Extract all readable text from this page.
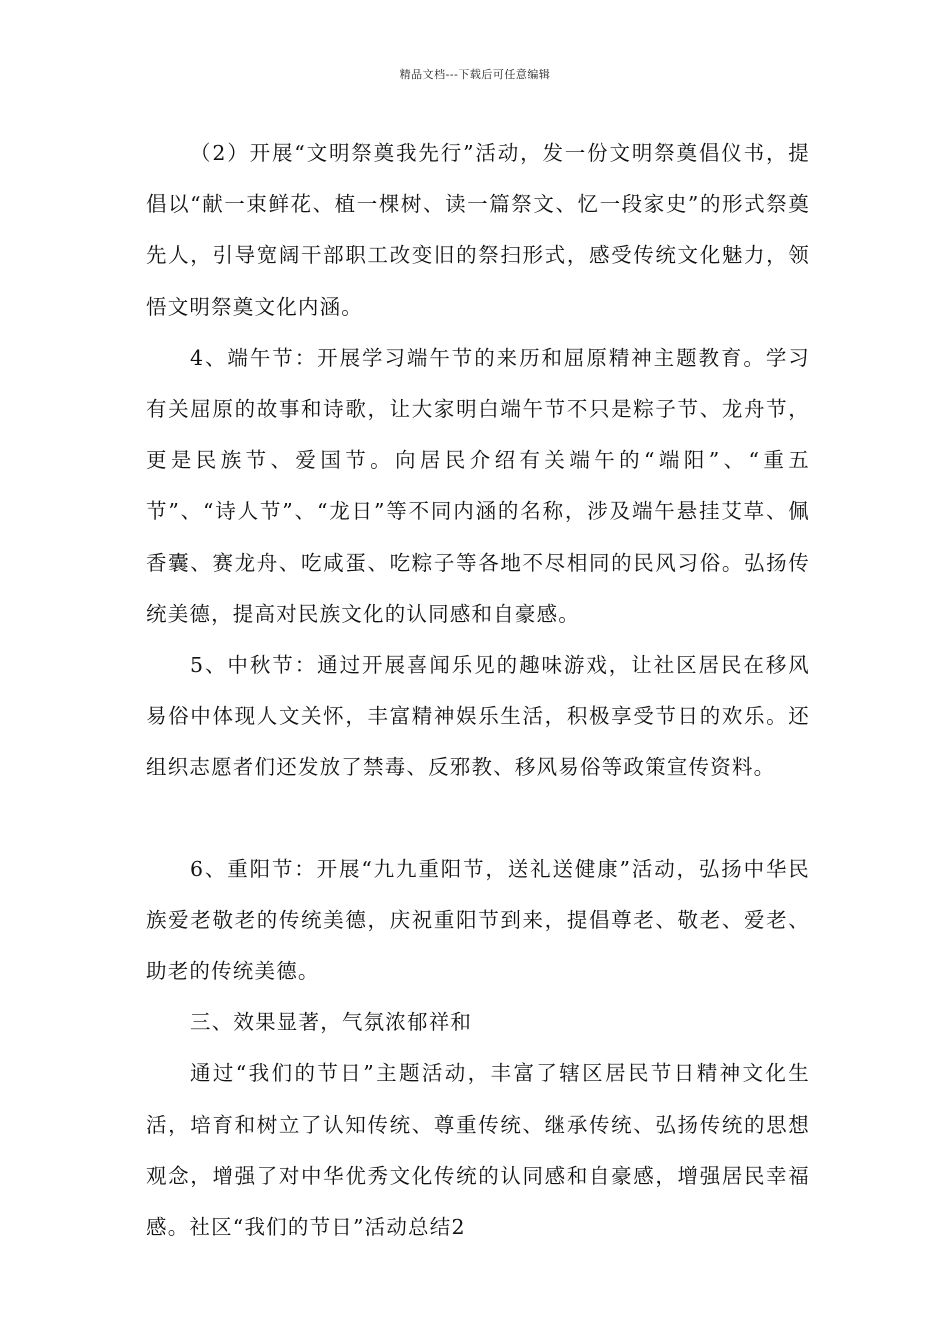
精品文档---下载后可任意编辑

（2）开展“文明祭奠我先行”活动，发一份文明祭奠倡仪书，提倡以“献一束鲜花、植一棵树、读一篇祭文、忆一段家史”的形式祭奠先人，引导宽阔干部职工改变旧的祭扫形式，感受传统文化魅力，领悟文明祭奠文化内涵。

4、端午节：开展学习端午节的来历和屈原精神主题教育。学习有关屈原的故事和诗歌，让大家明白端午节不只是粽子节、龙舟节，更是民族节、爱国节。向居民介绍有关端午的“端阳”、“重五节”、“诗人节”、“龙日”等不同内涵的名称，涉及端午悬挂艾草、佩香囊、赛龙舟、吃咸蛋、吃粽子等各地不尽相同的民风习俗。弘扬传统美德，提高对民族文化的认同感和自豪感。

5、中秋节：通过开展喜闻乐见的趣味游戏，让社区居民在移风易俗中体现人文关怀，丰富精神娱乐生活，积极享受节日的欢乐。还组织志愿者们还发放了禁毒、反邪教、移风易俗等政策宣传资料。

6、重阳节：开展“九九重阳节，送礼送健康”活动，弘扬中华民族爱老敬老的传统美德，庆祝重阳节到来，提倡尊老、敬老、爱老、助老的传统美德。

三、效果显著，气氛浓郁祥和

通过“我们的节日”主题活动，丰富了辖区居民节日精神文化生活，培育和树立了认知传统、尊重传统、继承传统、弘扬传统的思想观念，增强了对中华优秀文化传统的认同感和自豪感，增强居民幸福感。社区“我们的节日”活动总结2
